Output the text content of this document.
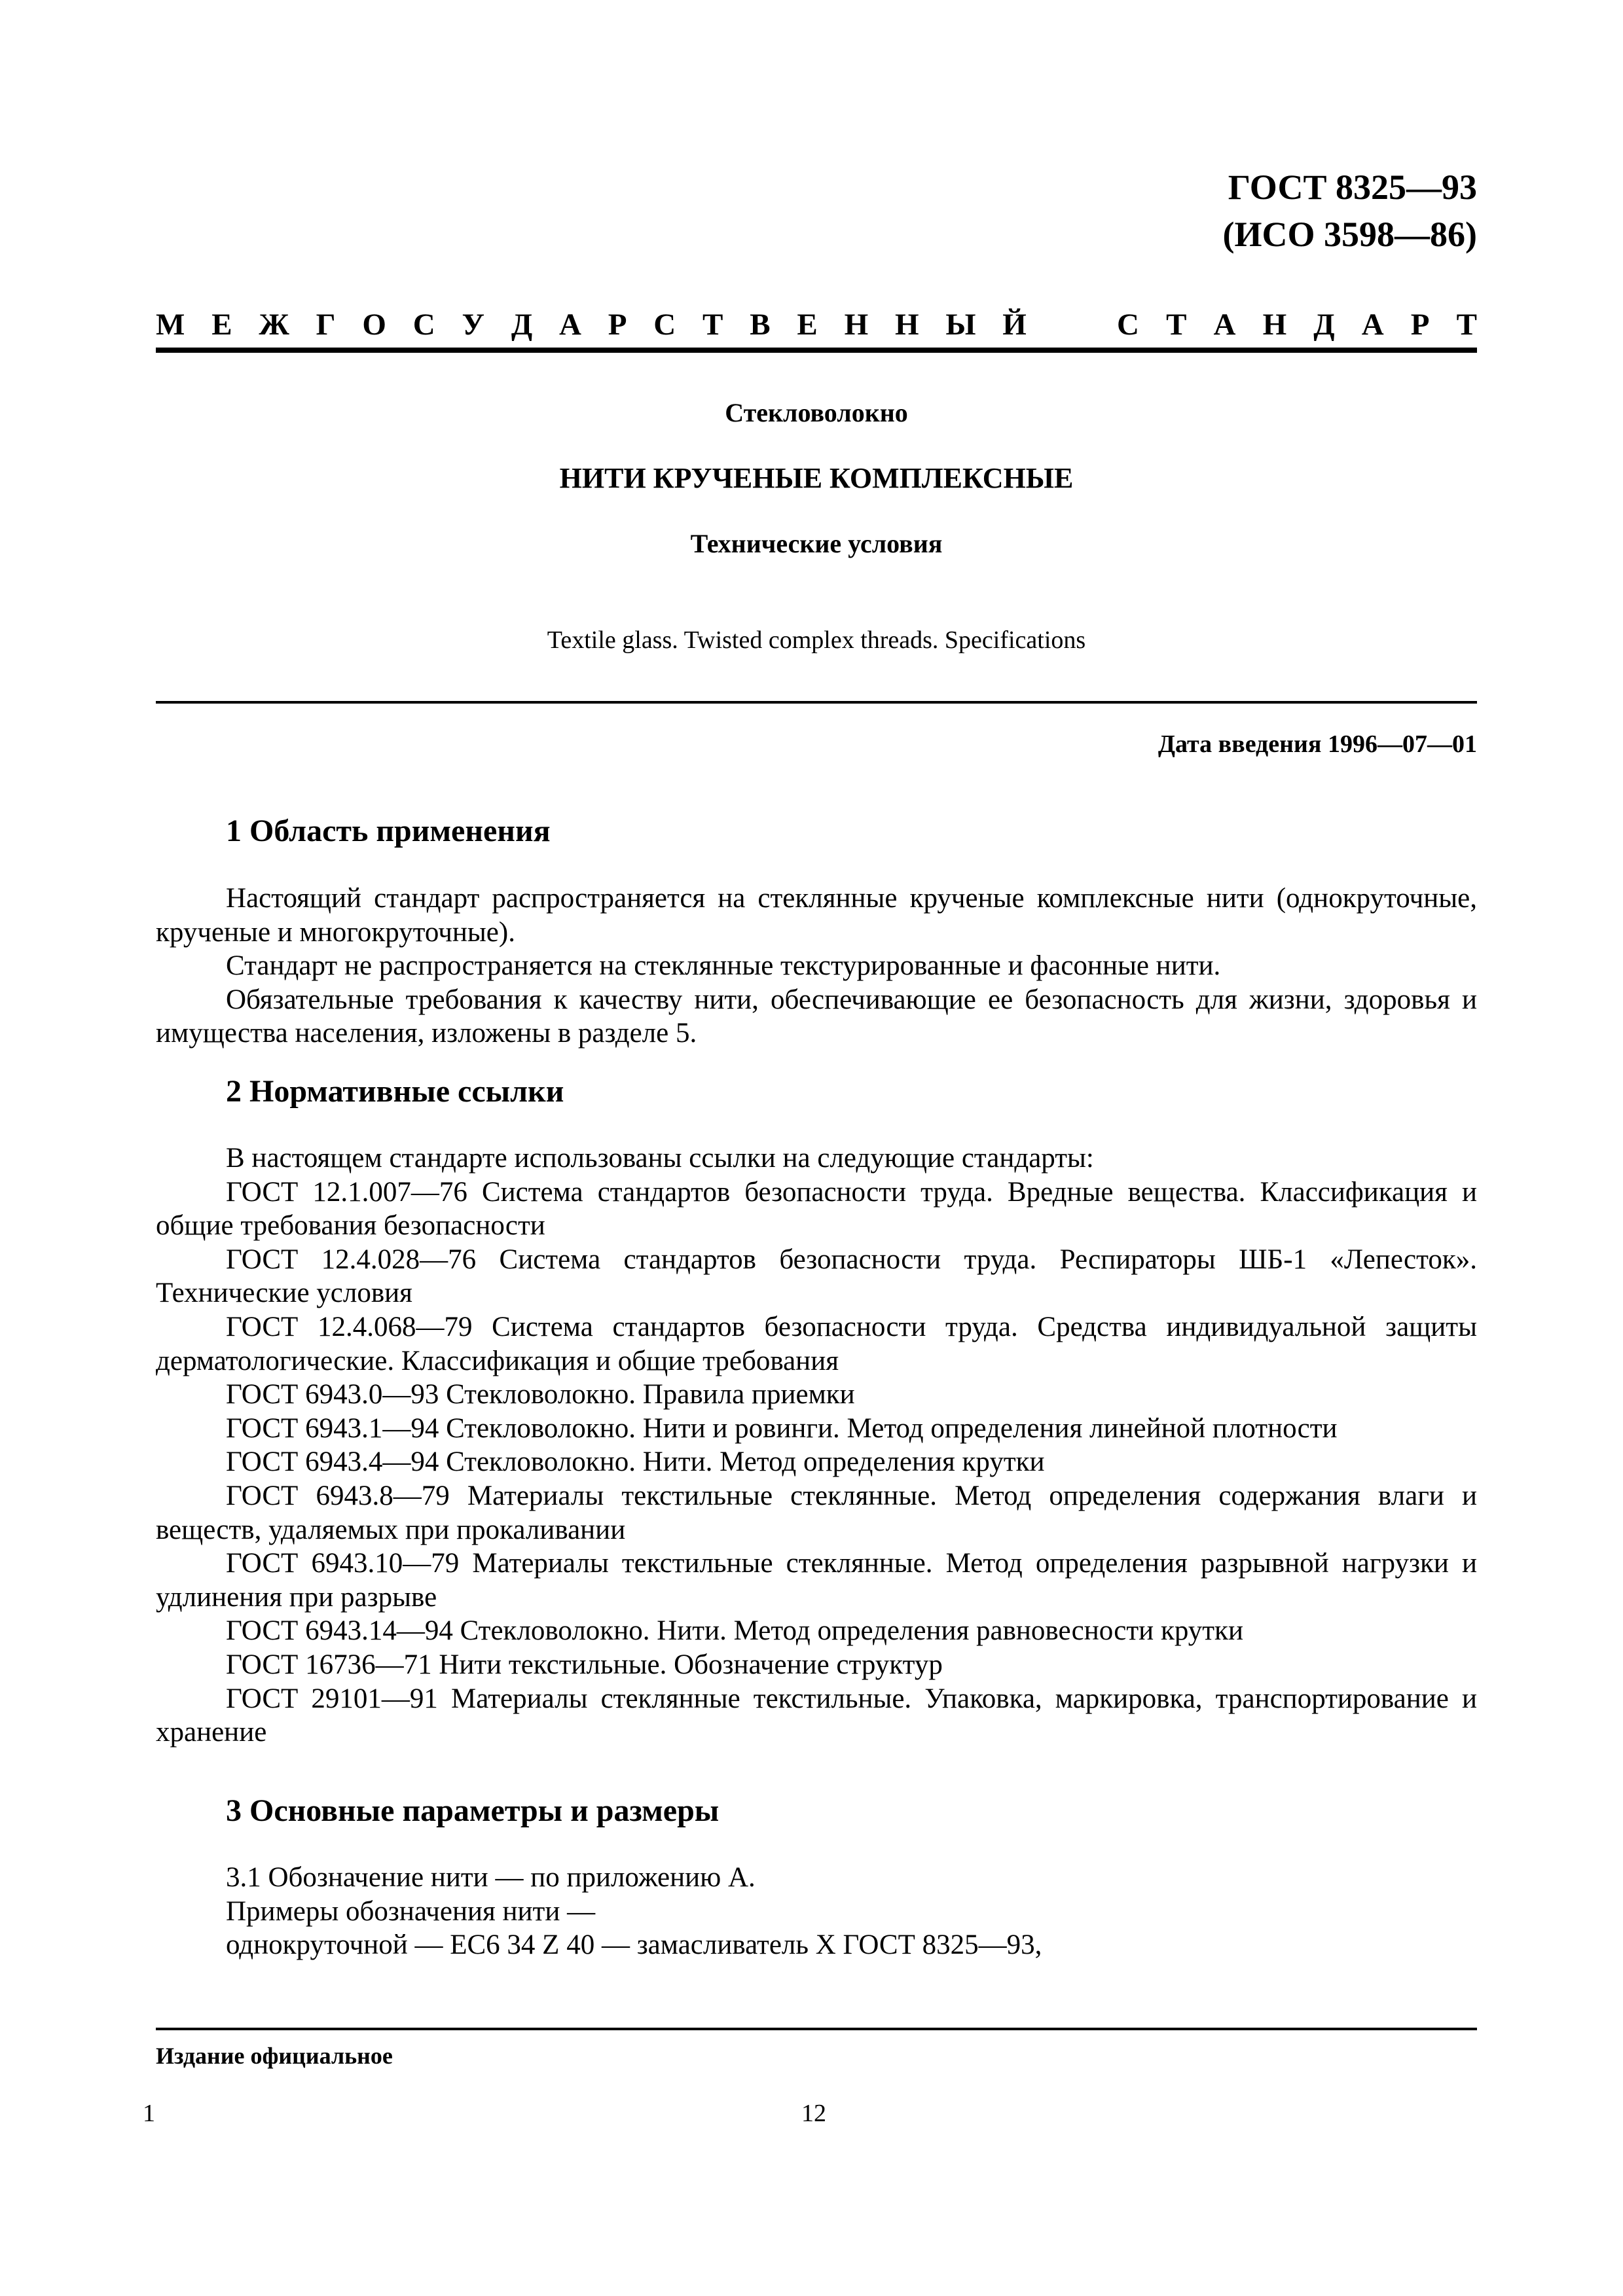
ГОСТ 8325—93
(ИСО 3598—86)
М Е Ж Г О С У Д А Р С Т В Е Н Н Ы Й	С Т А Н Д А Р Т
Стекловолокно
НИТИ КРУЧЕНЫЕ КОМПЛЕКСНЫЕ
Технические условия
Textile glass. Twisted complex threads. Specifications
Дата введения 1996—07—01
1 Область применения

Настоящий стандарт распространяется на стеклянные крученые комплексные нити (однокруточные, крученые и многокруточные).

Стандарт не распространяется на стеклянные текстурированные и фасонные нити.

Обязательные требования к качеству нити, обеспечивающие ее безопасность для жизни, здоровья и имущества населения, изложены в разделе 5.

2 Нормативные ссылки

В настоящем стандарте использованы ссылки на следующие стандарты:

ГОСТ 12.1.007—76 Система стандартов безопасности труда. Вредные вещества. Классификация и общие требования безопасности

ГОСТ 12.4.028—76 Система стандартов безопасности труда. Респираторы ШБ-1 «Лепесток». Технические условия

ГОСТ 12.4.068—79 Система стандартов безопасности труда. Средства индивидуальной защиты дерматологические. Классификация и общие требования

ГОСТ 6943.0—93 Стекловолокно. Правила приемки

ГОСТ 6943.1—94 Стекловолокно. Нити и ровинги. Метод определения линейной плотности

ГОСТ 6943.4—94 Стекловолокно. Нити. Метод определения крутки

ГОСТ 6943.8—79 Материалы текстильные стеклянные. Метод определения содержания влаги и веществ, удаляемых при прокаливании

ГОСТ 6943.10—79 Материалы текстильные стеклянные. Метод определения разрывной нагрузки и удлинения при разрыве

ГОСТ 6943.14—94 Стекловолокно. Нити. Метод определения равновесности крутки

ГОСТ 16736—71 Нити текстильные. Обозначение структур

ГОСТ 29101—91 Материалы стеклянные текстильные. Упаковка, маркировка, транспортирование и хранение

3 Основные параметры и размеры

3.1 Обозначение нити — по приложению А.

Примеры обозначения нити —

однокруточной — ЕС6 34 Z 40 — замасливатель Х ГОСТ 8325—93,

Издание официальное
1	12
